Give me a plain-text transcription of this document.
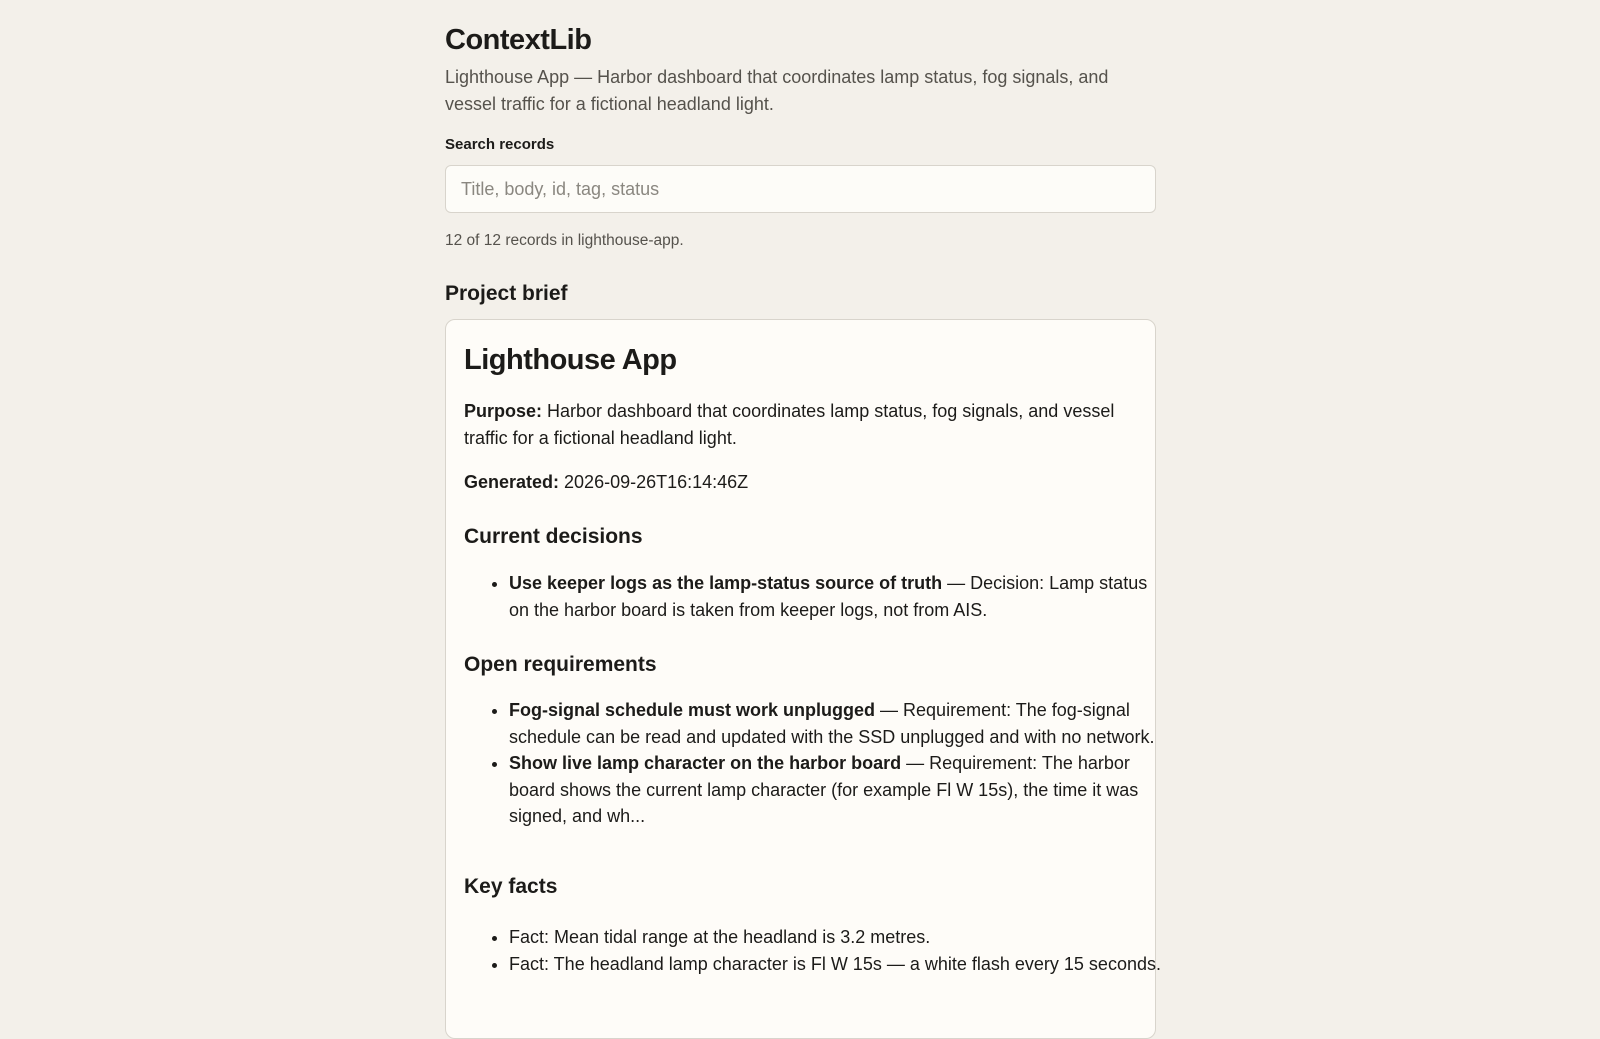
ContextLib

Lighthouse App — Harbor dashboard that coordinates lamp status, fog signals, and vessel traffic for a fictional headland light.

Search records
Title, body, id, tag, status
12 of 12 records in lighthouse-app.
Project brief
Lighthouse App

Purpose: Harbor dashboard that coordinates lamp status, fog signals, and vessel traffic for a fictional headland light.

Generated: 2026-09-26T16:14:46Z

Current decisions
• Use keeper logs as the lamp-status source of truth — Decision: Lamp status on the harbor board is taken from keeper logs, not from AIS.
Open requirements
• Fog-signal schedule must work unplugged — Requirement: The fog-signal schedule can be read and updated with the SSD unplugged and with no network.
• Show live lamp character on the harbor board — Requirement: The harbor board shows the current lamp character (for example Fl W 15s), the time it was signed, and wh...
Key facts
• Fact: Mean tidal range at the headland is 3.2 metres.
• Fact: The headland lamp character is Fl W 15s — a white flash every 15 seconds.
